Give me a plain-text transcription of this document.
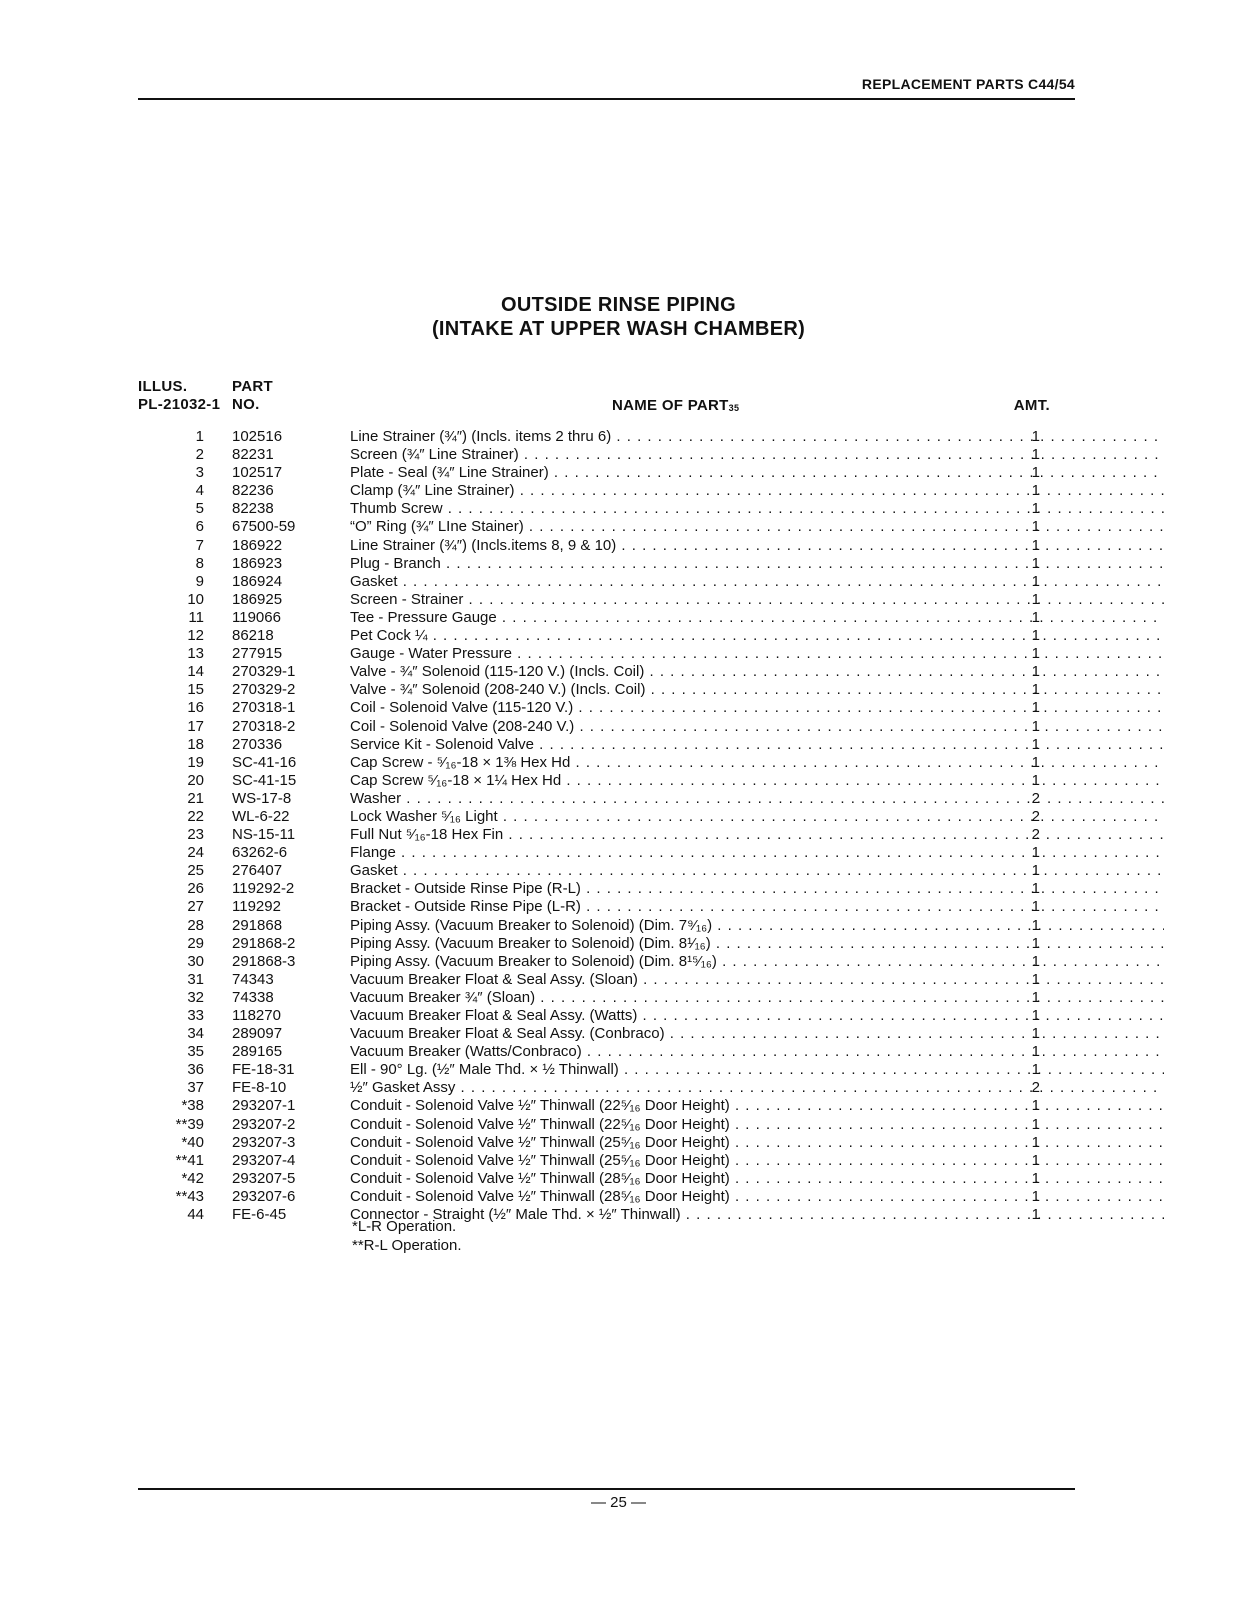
REPLACEMENT PARTS C44/54
OUTSIDE RINSE PIPING
(INTAKE AT UPPER WASH CHAMBER)
ILLUS.
PL-21032-1
PART
NO.	NAME OF PART35	AMT.
1 102516	Line Strainer (¾″) (Incls. items 2 thru 6) . . .	1
2 82231	Screen (¾″ Line Strainer) . . .	1
3 102517	Plate - Seal (¾″ Line Strainer) . . .	1
4 82236	Clamp (¾″ Line Strainer) . . .	1
5 82238	Thumb Screw . . .	1
6 67500-59	“O” Ring (¾″ LIne Stainer) . . .	1
7 186922	Line Strainer (¾″) (Incls.items 8, 9 & 10) . . .	1
8 186923	Plug - Branch . . .	1
9 186924	Gasket . . .	1
10 186925	Screen - Strainer . . .	1
11 119066	Tee - Pressure Gauge . . .	1
12 86218	Pet Cock ¼ . . .	1
13 277915	Gauge - Water Pressure . . .	1
14 270329-1	Valve - ¾″ Solenoid (115-120 V.) (Incls. Coil) . . .	1
15 270329-2	Valve - ¾″ Solenoid (208-240 V.) (Incls. Coil) . . .	1
16 270318-1	Coil - Solenoid Valve (115-120 V.) . . .	1
17 270318-2	Coil - Solenoid Valve (208-240 V.) . . .	1
18 270336	Service Kit - Solenoid Valve . . .	1
19 SC-41-16	Cap Screw - ⁵⁄₁₆-18 × 1⅜ Hex Hd . . .	1
20 SC-41-15	Cap Screw ⁵⁄₁₆-18 × 1¼ Hex Hd . . .	1
21 WS-17-8	Washer . . .	2
22 WL-6-22	Lock Washer ⁵⁄₁₆ Light . . .	2
23 NS-15-11	Full Nut ⁵⁄₁₆-18 Hex Fin . . .	2
24 63262-6	Flange . . .	1
25 276407	Gasket . . .	1
26 119292-2	Bracket - Outside Rinse Pipe (R-L) . . .	1
27 119292	Bracket - Outside Rinse Pipe (L-R) . . .	1
28 291868	Piping Assy. (Vacuum Breaker to Solenoid) (Dim. 7⁹⁄₁₆) . . .	1
29 291868-2	Piping Assy. (Vacuum Breaker to Solenoid) (Dim. 8¹⁄₁₆) . . .	1
30 291868-3	Piping Assy. (Vacuum Breaker to Solenoid) (Dim. 8¹⁵⁄₁₆) . . .	1
31 74343	Vacuum Breaker Float & Seal Assy. (Sloan) . . .	1
32 74338	Vacuum Breaker ¾″ (Sloan) . . .	1
33 118270	Vacuum Breaker Float & Seal Assy. (Watts) . . .	1
34 289097	Vacuum Breaker Float & Seal Assy. (Conbraco) . . .	1
35 289165	Vacuum Breaker (Watts/Conbraco) . . .	1
36 FE-18-31	Ell - 90° Lg. (½″ Male Thd. × ½ Thinwall) . . .	1
37 FE-8-10	½″ Gasket Assy . . .	2
*38 293207-1	Conduit - Solenoid Valve ½″ Thinwall (22⁵⁄₁₆ Door Height) . . .	1
**39 293207-2	Conduit - Solenoid Valve ½″ Thinwall (22⁵⁄₁₆ Door Height) . . .	1
*40 293207-3	Conduit - Solenoid Valve ½″ Thinwall (25⁵⁄₁₆ Door Height) . . .	1
**41 293207-4	Conduit - Solenoid Valve ½″ Thinwall (25⁵⁄₁₆ Door Height) . . .	1
*42 293207-5	Conduit - Solenoid Valve ½″ Thinwall (28⁵⁄₁₆ Door Height) . . .	1
**43 293207-6	Conduit - Solenoid Valve ½″ Thinwall (28⁵⁄₁₆ Door Height) . . .	1
44 FE-6-45	Connector - Straight (½″ Male Thd. × ½″ Thinwall) . . .	1
*L-R Operation.
**R-L Operation.
— 25 —
